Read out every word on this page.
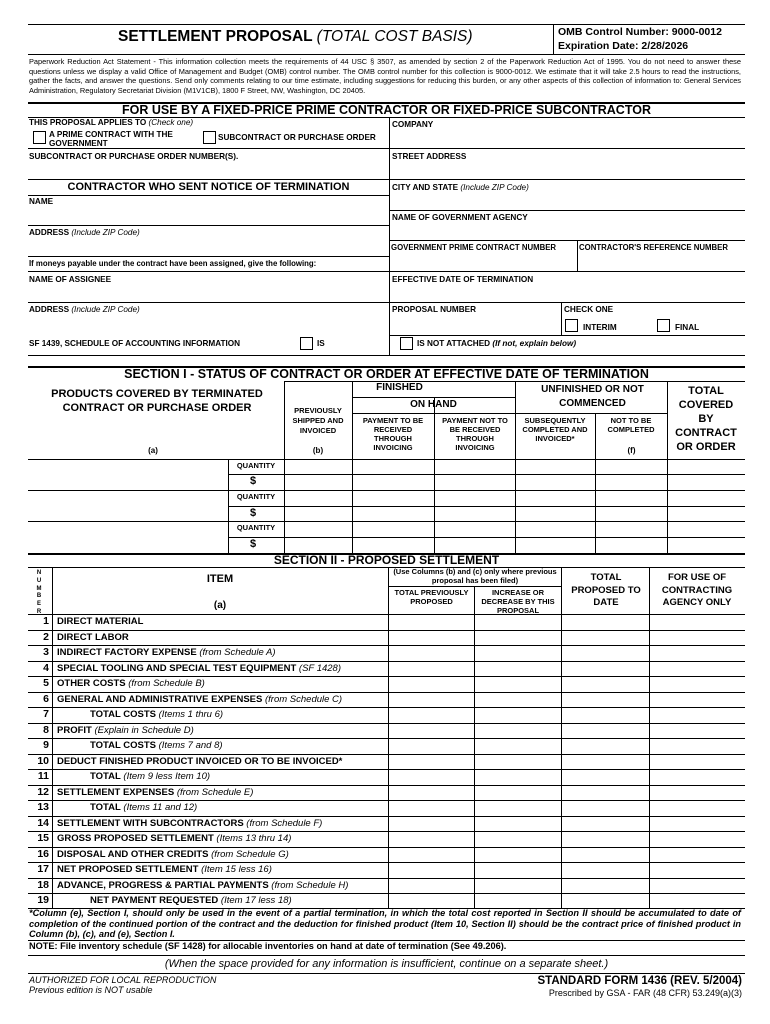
SETTLEMENT PROPOSAL (TOTAL COST BASIS)	OMB Control Number: 9000-0012
Expiration Date: 2/28/2026
Paperwork Reduction Act Statement - This information collection meets the requirements of 44 USC § 3507, as amended by section 2 of the Paperwork Reduction Act of 1995. You do not need to answer these questions unless we display a valid Office of Management and Budget (OMB) control number. The OMB control number for this collection is 9000-0012. We estimate that it will take 2.5 hours to read the instructions, gather the facts, and answer the questions. Send only comments relating to our time estimate, including suggestions for reducing this burden, or any other aspects of this collection of information to: General Services Administration, Regulatory Secretariat Division (M1V1CB), 1800 F Street, NW, Washington, DC 20405.
FOR USE BY A FIXED-PRICE PRIME CONTRACTOR OR FIXED-PRICE SUBCONTRACTOR
THIS PROPOSAL APPLIES TO (Check one)
A PRIME CONTRACT WITH THE GOVERNMENT
SUBCONTRACT OR PURCHASE ORDER
COMPANY
SUBCONTRACT OR PURCHASE ORDER NUMBER(S).	STREET ADDRESS
CONTRACTOR WHO SENT NOTICE OF TERMINATION	CITY AND STATE (Include ZIP Code)
NAME
NAME OF GOVERNMENT AGENCY
ADDRESS (Include ZIP Code)
GOVERNMENT PRIME CONTRACT NUMBER	CONTRACTOR'S REFERENCE NUMBER
If moneys payable under the contract have been assigned, give the following:
NAME OF ASSIGNEE	EFFECTIVE DATE OF TERMINATION
ADDRESS (Include ZIP Code)	PROPOSAL NUMBER	CHECK ONE
INTERIM	FINAL
SF 1439, SCHEDULE OF ACCOUNTING INFORMATION	IS	IS NOT ATTACHED (If not, explain below)
SECTION I - STATUS OF CONTRACT OR ORDER AT EFFECTIVE DATE OF TERMINATION
PRODUCTS COVERED BY TERMINATED CONTRACT OR PURCHASE ORDER
(a)
FINISHED
ON HAND
PREVIOUSLY SHIPPED AND INVOICED
(b)
PAYMENT TO BE RECEIVED THROUGH INVOICING
PAYMENT NOT TO BE RECEIVED THROUGH INVOICING
UNFINISHED OR NOT COMMENCED
SUBSEQUENTLY COMPLETED AND INVOICED*
NOT TO BE COMPLETED
(f)
TOTAL COVERED BY CONTRACT OR ORDER
QUANTITY
$
QUANTITY
$
QUANTITY
$
SECTION II - PROPOSED SETTLEMENT
N
U
M
B
E
R
ITEM
(a)
(Use Columns (b) and (c) only where previous proposal has been filed)
TOTAL PREVIOUSLY PROPOSED
INCREASE OR DECREASE BY THIS PROPOSAL
TOTAL PROPOSED TO DATE
FOR USE OF CONTRACTING AGENCY ONLY
1 DIRECT MATERIAL
2 DIRECT LABOR
3 INDIRECT FACTORY EXPENSE (from Schedule A)
4 SPECIAL TOOLING AND SPECIAL TEST EQUIPMENT (SF 1428)
5 OTHER COSTS (from Schedule B)
6 GENERAL AND ADMINISTRATIVE EXPENSES (from Schedule C)
7	TOTAL COSTS (Items 1 thru 6)
8 PROFIT (Explain in Schedule D)
9	TOTAL COSTS (Items 7 and 8)
10 DEDUCT FINISHED PRODUCT INVOICED OR TO BE INVOICED*
11	TOTAL (Item 9 less Item 10)
12 SETTLEMENT EXPENSES (from Schedule E)
13	TOTAL (Items 11 and 12)
14 SETTLEMENT WITH SUBCONTRACTORS (from Schedule F)
15 GROSS PROPOSED SETTLEMENT (Items 13 thru 14)
16 DISPOSAL AND OTHER CREDITS (from Schedule G)
17 NET PROPOSED SETTLEMENT (Item 15 less 16)
18 ADVANCE, PROGRESS & PARTIAL PAYMENTS (from Schedule H)
19	NET PAYMENT REQUESTED (Item 17 less 18)
*Column (e), Section I, should only be used in the event of a partial termination, in which the total cost reported in Section II should be accumulated to date of completion of the continued portion of the contract and the deduction for finished product (Item 10, Section II) should be the contract price of finished product in Column (b), (c), and (e), Section I.
NOTE: File inventory schedule (SF 1428) for allocable inventories on hand at date of termination (See 49.206).
(When the space provided for any information is insufficient, continue on a separate sheet.)
AUTHORIZED FOR LOCAL REPRODUCTION
Previous edition is NOT usable
STANDARD FORM 1436 (REV. 5/2004)
Prescribed by GSA - FAR (48 CFR) 53.249(a)(3)
